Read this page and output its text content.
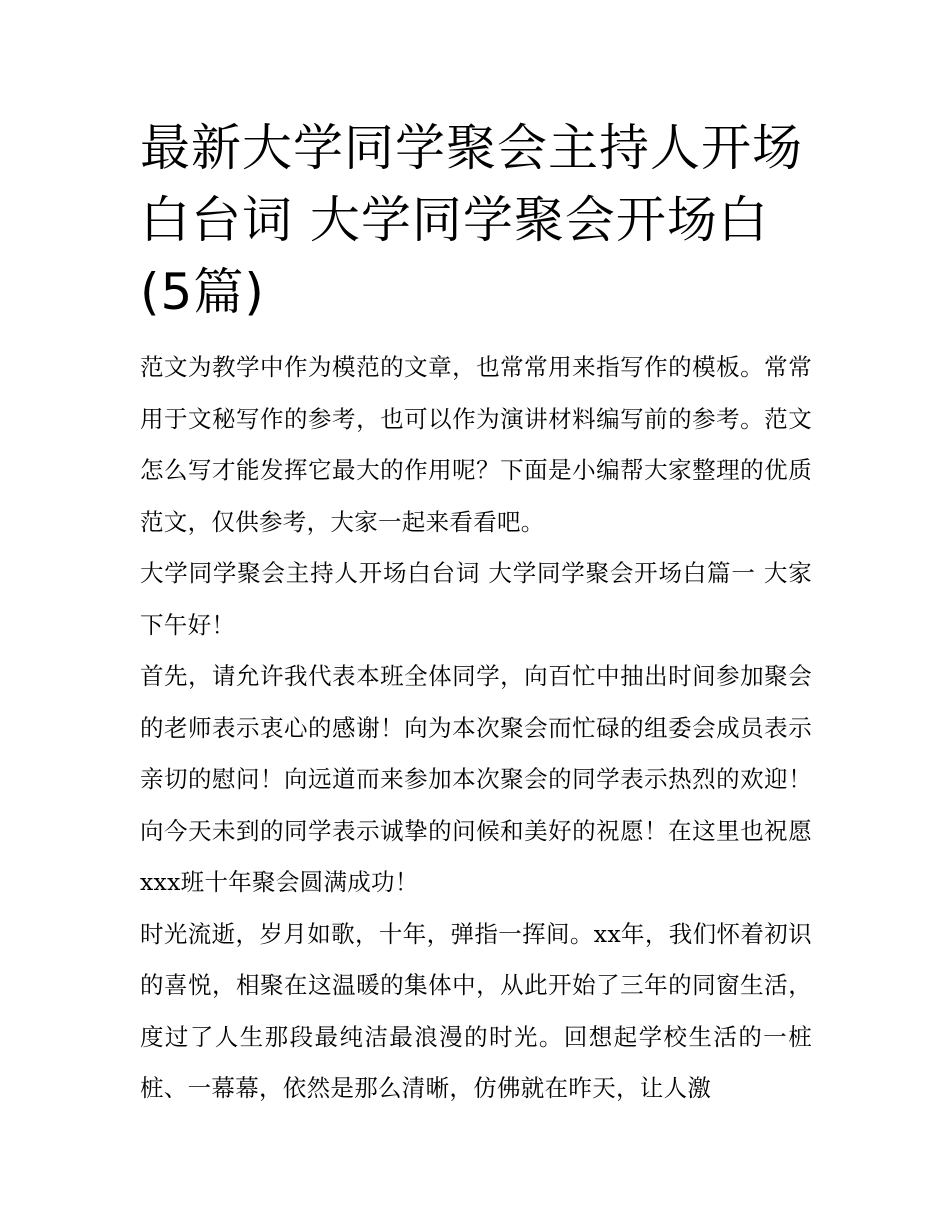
最新大学同学聚会主持人开场白台词 大学同学聚会开场白(5篇)

范文为教学中作为模范的文章，也常常用来指写作的模板。常常用于文秘写作的参考，也可以作为演讲材料编写前的参考。范文怎么写才能发挥它最大的作用呢？下面是小编帮大家整理的优质范文，仅供参考，大家一起来看看吧。

大学同学聚会主持人开场白台词 大学同学聚会开场白篇一 大家下午好！

首先，请允许我代表本班全体同学，向百忙中抽出时间参加聚会的老师表示衷心的感谢！向为本次聚会而忙碌的组委会成员表示亲切的慰问！向远道而来参加本次聚会的同学表示热烈的欢迎！向今天未到的同学表示诚挚的问候和美好的祝愿！在这里也祝愿xxx班十年聚会圆满成功！

时光流逝，岁月如歌，十年，弹指一挥间。xx年，我们怀着初识的喜悦，相聚在这温暖的集体中，从此开始了三年的同窗生活，度过了人生那段最纯洁最浪漫的时光。回想起学校生活的一桩桩、一幕幕，依然是那么清晰，仿佛就在昨天，让人激
